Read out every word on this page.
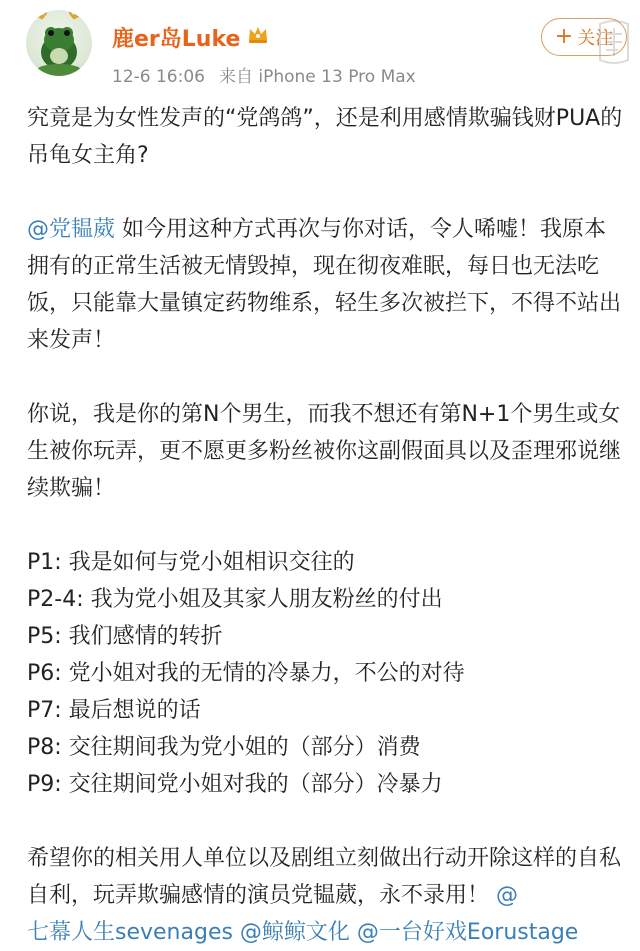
鹿er岛Luke
12-6 16:06 来自 iPhone 13 Pro Max
+ 关注

究竟是为女性发声的“党鸽鸽”，还是利用感情欺骗钱财PUA的吊龟女主角?

@党韫葳 如今用这种方式再次与你对话，令人唏嘘！我原本拥有的正常生活被无情毁掉，现在彻夜难眠，每日也无法吃饭，只能靠大量镇定药物维系，轻生多次被拦下，不得不站出来发声！

你说，我是你的第N个男生，而我不想还有第N+1个男生或女生被你玩弄，更不愿更多粉丝被你这副假面具以及歪理邪说继续欺骗！

P1: 我是如何与党小姐相识交往的

P2-4: 我为党小姐及其家人朋友粉丝的付出

P5: 我们感情的转折

P6: 党小姐对我的无情的冷暴力，不公的对待

P7: 最后想说的话

P8: 交往期间我为党小姐的（部分）消费

P9: 交往期间党小姐对我的（部分）冷暴力

希望你的相关用人单位以及剧组立刻做出行动开除这样的自私自利，玩弄欺骗感情的演员党韫葳，永不录用！ @

七幕人生sevenages @鲸鲸文化 @一台好戏Eorustage
